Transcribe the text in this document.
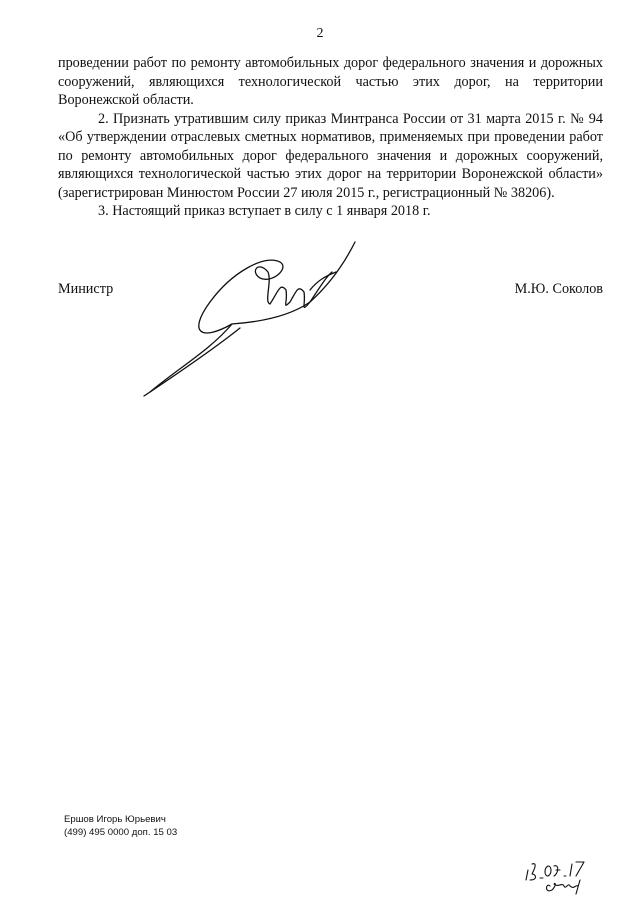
2

проведении работ по ремонту автомобильных дорог федерального значения и дорожных сооружений, являющихся технологической частью этих дорог, на территории Воронежской области.

2. Признать утратившим силу приказ Минтранса России от 31 марта 2015 г. № 94 «Об утверждении отраслевых сметных нормативов, применяемых при проведении работ по ремонту автомобильных дорог федерального значения и дорожных сооружений, являющихся технологической частью этих дорог на территории Воронежской области» (зарегистрирован Минюстом России 27 июля 2015 г., регистрационный № 38206).

3. Настоящий приказ вступает в силу с 1 января 2018 г.

Министр	М.Ю. Соколов
Ершов Игорь Юрьевич
(499) 495 0000 доп. 15 03
